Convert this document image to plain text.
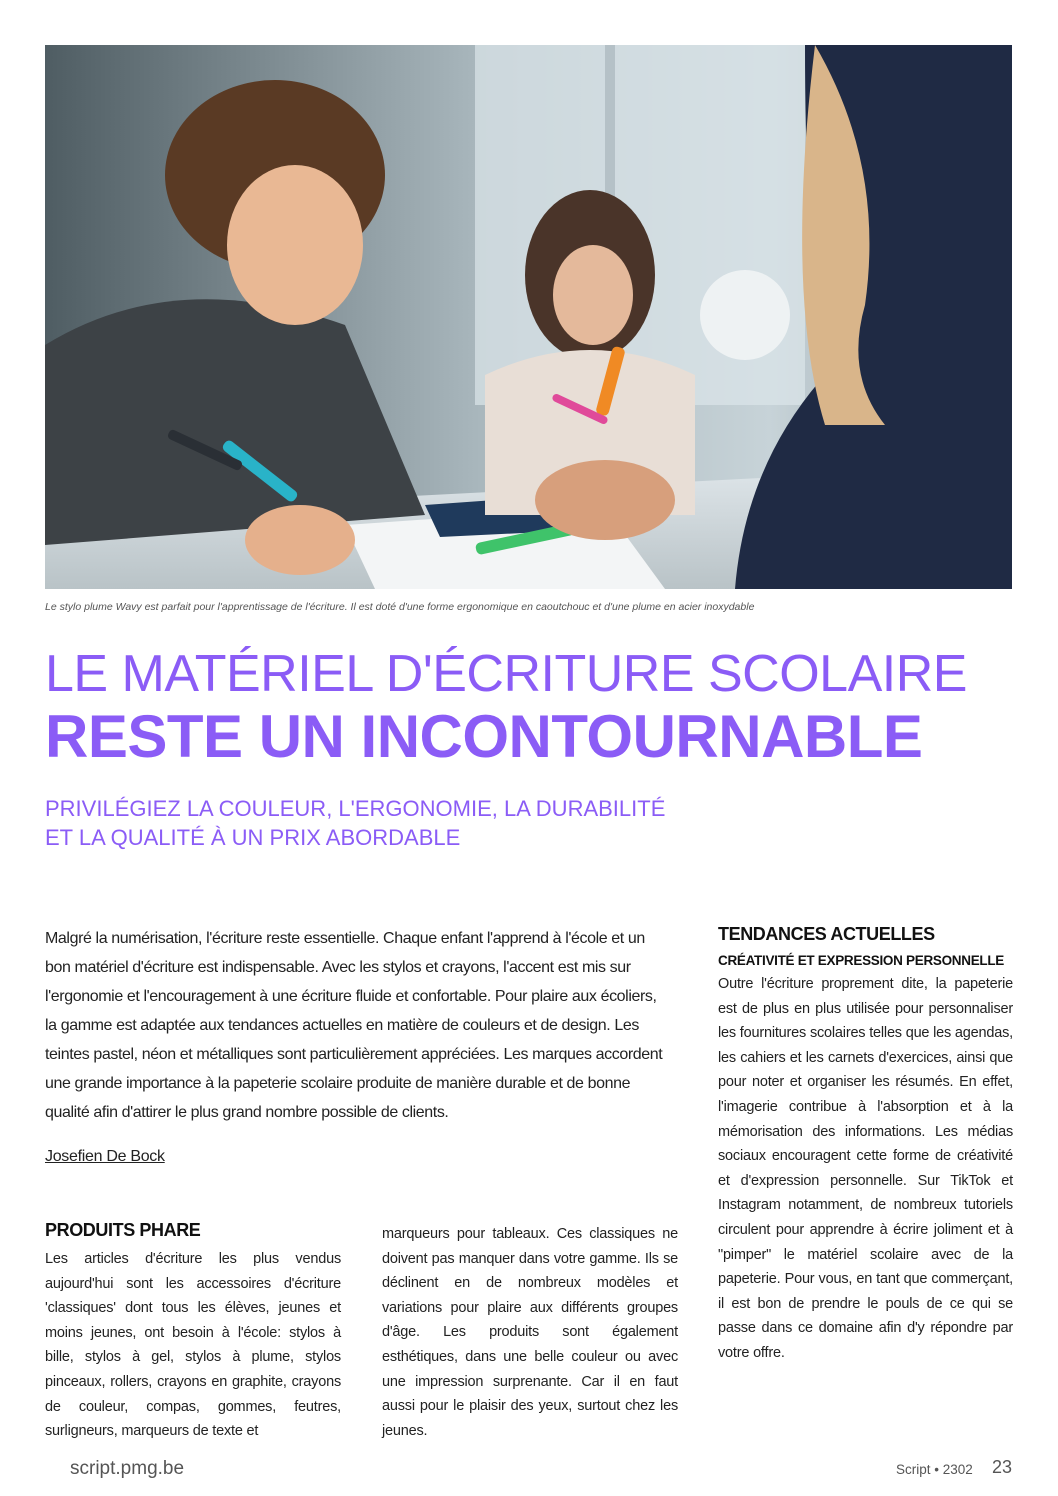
Le stylo plume Wavy est parfait pour l'apprentissage de l'écriture. Il est doté d'une forme ergonomique en caoutchouc et d'une plume en acier inoxydable
LE MATÉRIEL D'ÉCRITURE SCOLAIRE
RESTE UN INCONTOURNABLE
PRIVILÉGIEZ LA COULEUR, L'ERGONOMIE, LA DURABILITÉ
ET LA QUALITÉ À UN PRIX ABORDABLE
Malgré la numérisation, l'écriture reste essentielle. Chaque enfant l'apprend à l'école et un bon matériel d'écriture est indispensable. Avec les stylos et crayons, l'accent est mis sur l'ergonomie et l'encouragement à une écriture fluide et confortable. Pour plaire aux écoliers, la gamme est adaptée aux tendances actuelles en matière de couleurs et de design. Les teintes pastel, néon et métalliques sont particulièrement appréciées. Les marques accordent une grande importance à la papeterie scolaire produite de manière durable et de bonne qualité afin d'attirer le plus grand nombre possible de clients.
Josefien De Bock
PRODUITS PHARE
Les articles d'écriture les plus vendus aujourd'hui sont les accessoires d'écriture 'classiques' dont tous les élèves, jeunes et moins jeunes, ont besoin à l'école: stylos à bille, stylos à gel, stylos à plume, stylos pinceaux, rollers, crayons en graphite, crayons de couleur, compas, gommes, feutres, surligneurs, marqueurs de texte et
marqueurs pour tableaux. Ces classiques ne doivent pas manquer dans votre gamme. Ils se déclinent en de nombreux modèles et variations pour plaire aux différents groupes d'âge. Les produits sont également esthétiques, dans une belle couleur ou avec une impression surprenante. Car il en faut aussi pour le plaisir des yeux, surtout chez les jeunes.
TENDANCES ACTUELLES
CRÉATIVITÉ ET EXPRESSION PERSONNELLE
Outre l'écriture proprement dite, la papeterie est de plus en plus utilisée pour personnaliser les fournitures scolaires telles que les agendas, les cahiers et les carnets d'exercices, ainsi que pour noter et organiser les résumés. En effet, l'imagerie contribue à l'absorption et à la mémorisation des informations. Les médias sociaux encouragent cette forme de créativité et d'expression personnelle. Sur TikTok et Instagram notamment, de nombreux tutoriels circulent pour apprendre à écrire joliment et à "pimper" le matériel scolaire avec de la papeterie. Pour vous, en tant que commerçant, il est bon de prendre le pouls de ce qui se passe dans ce domaine afin d'y répondre par votre offre.
script.pmg.be	Script • 2302 23
